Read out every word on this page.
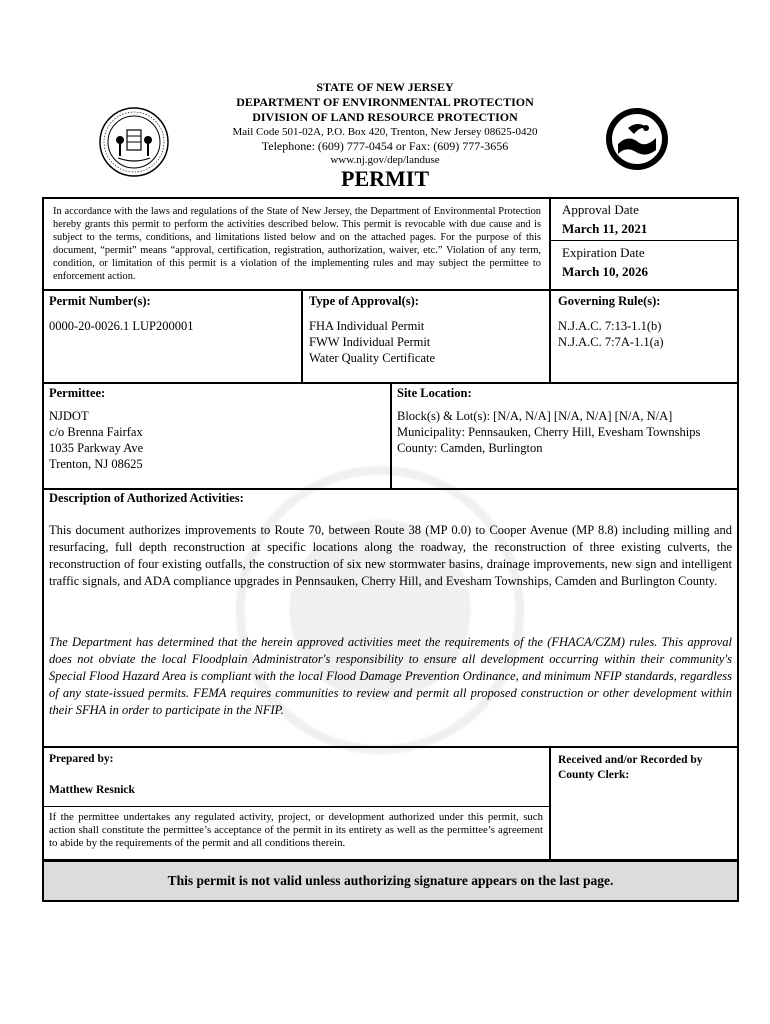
STATE OF NEW JERSEY
DEPARTMENT OF ENVIRONMENTAL PROTECTION
DIVISION OF LAND RESOURCE PROTECTION
Mail Code 501-02A, P.O. Box 420, Trenton, New Jersey 08625-0420
Telephone: (609) 777-0454 or Fax: (609) 777-3656
www.nj.gov/dep/landuse
PERMIT
In accordance with the laws and regulations of the State of New Jersey, the Department of Environmental Protection hereby grants this permit to perform the activities described below. This permit is revocable with due cause and is subject to the terms, conditions, and limitations listed below and on the attached pages. For the purpose of this document, “permit” means “approval, certification, registration, authorization, waiver, etc.” Violation of any term, condition, or limitation of this permit is a violation of the implementing rules and may subject the permittee to enforcement action.
Approval Date
March 11, 2021
Expiration Date
March 10, 2026
Permit Number(s):
0000-20-0026.1 LUP200001
Type of Approval(s):
FHA Individual Permit
FWW Individual Permit
Water Quality Certificate
Governing Rule(s):
N.J.A.C. 7:13-1.1(b)
N.J.A.C. 7:7A-1.1(a)
Permittee:
NJDOT
c/o Brenna Fairfax
1035 Parkway Ave
Trenton, NJ 08625
Site Location:
Block(s) & Lot(s): [N/A, N/A] [N/A, N/A] [N/A, N/A]
Municipality: Pennsauken, Cherry Hill, Evesham Townships
County: Camden, Burlington
Description of Authorized Activities:
This document authorizes improvements to Route 70, between Route 38 (MP 0.0) to Cooper Avenue (MP 8.8) including milling and resurfacing, full depth reconstruction at specific locations along the roadway, the reconstruction of three existing culverts, the reconstruction of four existing outfalls, the construction of six new stormwater basins, drainage improvements, new sign and intelligent traffic signals, and ADA compliance upgrades in Pennsauken, Cherry Hill, and Evesham Townships, Camden and Burlington County.
The Department has determined that the herein approved activities meet the requirements of the (FHACA/CZM) rules. This approval does not obviate the local Floodplain Administrator's responsibility to ensure all development occurring within their community's Special Flood Hazard Area is compliant with the local Flood Damage Prevention Ordinance, and minimum NFIP standards, regardless of any state-issued permits. FEMA requires communities to review and permit all proposed construction or other development within their SFHA in order to participate in the NFIP.
Prepared by:
Matthew Resnick
If the permittee undertakes any regulated activity, project, or development authorized under this permit, such action shall constitute the permittee’s acceptance of the permit in its entirety as well as the permittee’s agreement to abide by the requirements of the permit and all conditions therein.
Received and/or Recorded by County Clerk:
This permit is not valid unless authorizing signature appears on the last page.
